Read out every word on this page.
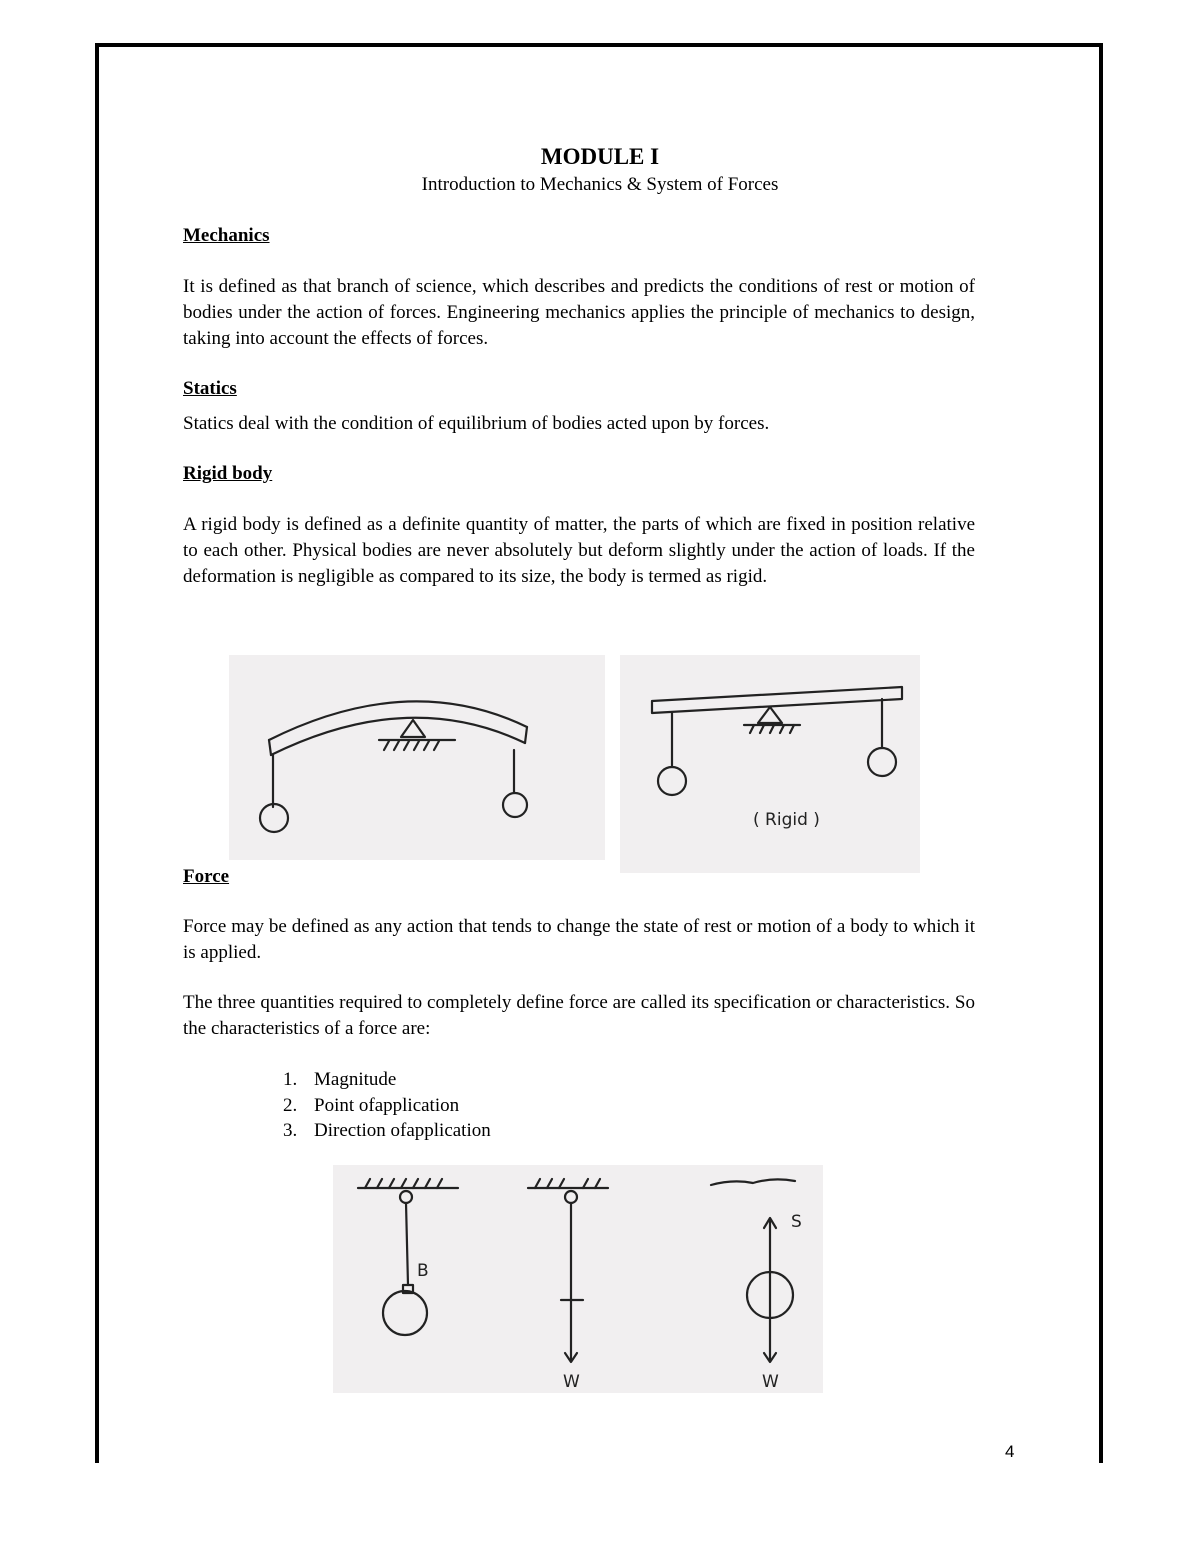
MODULE I
Introduction to Mechanics & System of Forces
Mechanics

It is defined as that branch of science, which describes and predicts the conditions of rest or motion of bodies under the action of forces. Engineering mechanics applies the principle of mechanics to design, taking into account the effects of forces.

Statics

Statics deal with the condition of equilibrium of bodies acted upon by forces.

Rigid body

A rigid body is defined as a definite quantity of matter, the parts of which are fixed in position relative to each other. Physical bodies are never absolutely but deform slightly under the action of loads. If the deformation is negligible as compared to its size, the body is termed as rigid.

( Rigid )
Force

Force may be defined as any action that tends to change the state of rest or motion of a body to which it is applied.

The three quantities required to completely define force are called its specification or characteristics. So the characteristics of a force are:

1. Magnitude
2. Point ofapplication
3. Direction ofapplication
B
W
S
W
4
